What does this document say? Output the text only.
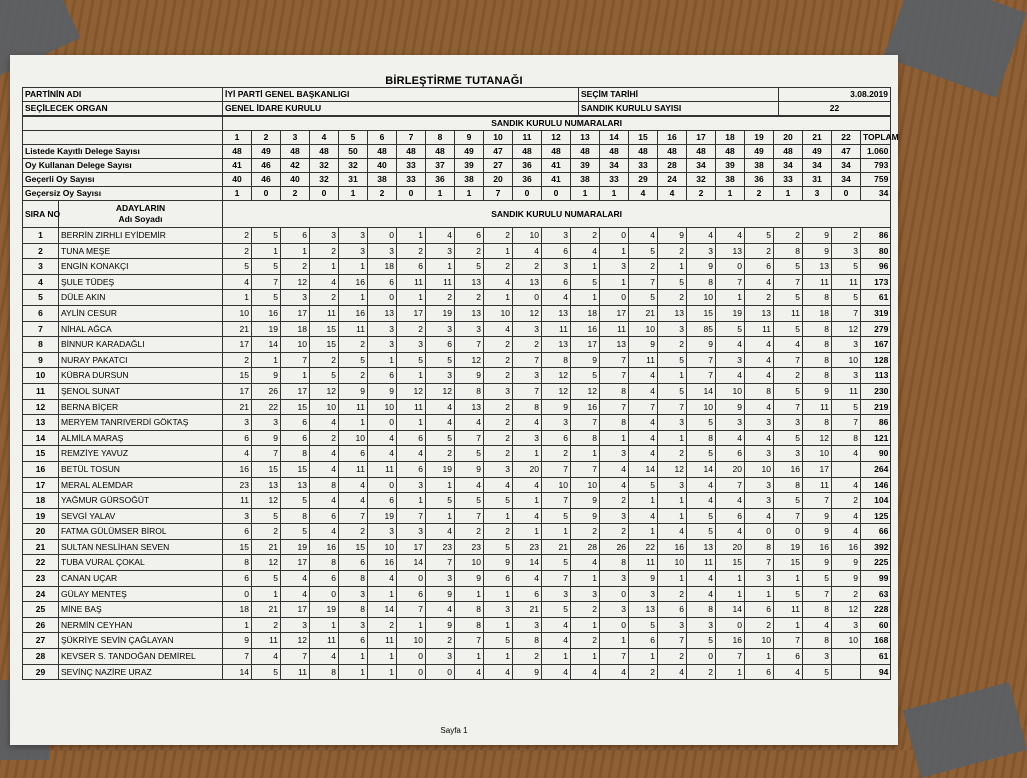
BİRLEŞTİRME TUTANAĞI
PARTİNİN ADI	İYİ PARTİ GENEL BAŞKANLIGI	SEÇİM TARİHİ	3.08.2019
SEÇİLECEK ORGAN	GENEL İDARE KURULU	SANDIK KURULU SAYISI	22
		SANDIK KURULU NUMARALARI																						
		1	2	3	4	5	6	7	8	9	10	11	12	13	14	15	16	17	18	19	20	21	22	TOPLAM
Listede Kayıtlı Delege Sayısı		48	49	48	48	50	48	48	48	49	47	48	48	48	48	48	48	48	48	49	48	49	47	1.060
Oy Kullanan Delege Sayısı		41	46	42	32	32	40	33	37	39	27	36	41	39	34	33	28	34	39	38	34	34	34	793
Geçerli Oy Sayısı		40	46	40	32	31	38	33	36	38	20	36	41	38	33	29	24	32	38	36	33	31	34	759
Geçersiz Oy Sayısı		1	0	2	0	1	2	0	1	1	7	0	0	1	1	4	4	2	1	2	1	3	0	34
SIRA NO	ADAYLARIN
Adı Soyadı	SANDIK KURULU NUMARALARI																						
1	BERRİN ZIRHLI EYİDEMİR	2	5	6	3	3	0	1	4	6	2	10	3	2	0	4	9	4	4	5	2	9	2	86
2	TUNA MEŞE	2	1	1	2	3	3	2	3	2	1	4	6	4	1	5	2	3	13	2	8	9	3	80
3	ENGİN KONAKÇI	5	5	2	1	1	18	6	1	5	2	2	3	1	3	2	1	9	0	6	5	13	5	96
4	ŞULE TÜDEŞ	4	7	12	4	16	6	11	11	13	4	13	6	5	1	7	5	8	7	4	7	11	11	173
5	DÜLE AKIN	1	5	3	2	1	0	1	2	2	1	0	4	1	0	5	2	10	1	2	5	8	5	61
6	AYLİN CESUR	10	16	17	11	16	13	17	19	13	10	12	13	18	17	21	13	15	19	13	11	18	7	319
7	NİHAL AĞCA	21	19	18	15	11	3	2	3	3	4	3	11	16	11	10	3	85	5	11	5	8	12	279
8	BİNNUR KARADAĞLI	17	14	10	15	2	3	3	6	7	2	2	13	17	13	9	2	9	4	4	4	8	3	167
9	NURAY PAKATCI	2	1	7	2	5	1	5	5	12	2	7	8	9	7	11	5	7	3	4	7	8	10	128
10	KÜBRA DURSUN	15	9	1	5	2	6	1	3	9	2	3	12	5	7	4	1	7	4	4	2	8	3	113
11	ŞENOL SUNAT	17	26	17	12	9	9	12	12	8	3	7	12	12	8	4	5	14	10	8	5	9	11	230
12	BERNA BİÇER	21	22	15	10	11	10	11	4	13	2	8	9	16	7	7	7	10	9	4	7	11	5	219
13	MERYEM TANRIVERDİ GÖKTAŞ	3	3	6	4	1	0	1	4	4	2	4	3	7	8	4	3	5	3	3	3	8	7	86
14	ALMİLA MARAŞ	6	9	6	2	10	4	6	5	7	2	3	6	8	1	4	1	8	4	4	5	12	8	121
15	REMZİYE YAVUZ	4	7	8	4	6	4	4	2	5	2	1	2	1	3	4	2	5	6	3	3	10	4	90
16	BETÜL TOSUN	16	15	15	4	11	11	6	19	9	3	20	7	7	4	14	12	14	20	10	16	17		264
17	MERAL ALEMDAR	23	13	13	8	4	0	3	1	4	4	4	10	10	4	5	3	4	7	3	8	11	4	146
18	YAĞMUR GÜRSOĞÜT	11	12	5	4	4	6	1	5	5	5	1	7	9	2	1	1	4	4	3	5	7	2	104
19	SEVGİ YALAV	3	5	8	6	7	19	7	1	7	1	4	5	9	3	4	1	5	6	4	7	9	4	125
20	FATMA GÜLÜMSER BİROL	6	2	5	4	2	3	3	4	2	2	1	1	2	2	1	4	5	4	0	0	9	4	66
21	SULTAN NESLİHAN SEVEN	15	21	19	16	15	10	17	23	23	5	23	21	28	26	22	16	13	20	8	19	16	16	392
22	TUBA VURAL ÇOKAL	8	12	17	8	6	16	14	7	10	9	14	5	4	8	11	10	11	15	7	15	9	9	225
23	CANAN UÇAR	6	5	4	6	8	4	0	3	9	6	4	7	1	3	9	1	4	1	3	1	5	9	99
24	GÜLAY MENTEŞ	0	1	4	0	3	1	6	9	1	1	6	3	3	0	3	2	4	1	1	5	7	2	63
25	MİNE BAŞ	18	21	17	19	8	14	7	4	8	3	21	5	2	3	13	6	8	14	6	11	8	12	228
26	NERMİN CEYHAN	1	2	3	1	3	2	1	9	8	1	3	4	1	0	5	3	3	0	2	1	4	3	60
27	ŞÜKRİYE SEVİN ÇAĞLAYAN	9	11	12	11	6	11	10	2	7	5	8	4	2	1	6	7	5	16	10	7	8	10	168
28	KEVSER S. TANDOĞAN DEMİREL	7	4	7	4	1	1	0	3	1	1	2	1	1	7	1	2	0	7	1	6	3		61
29	SEVİNÇ NAZİRE URAZ	14	5	11	8	1	1	0	0	4	4	9	4	4	4	2	4	2	1	6	4	5		94
Sayfa 1
